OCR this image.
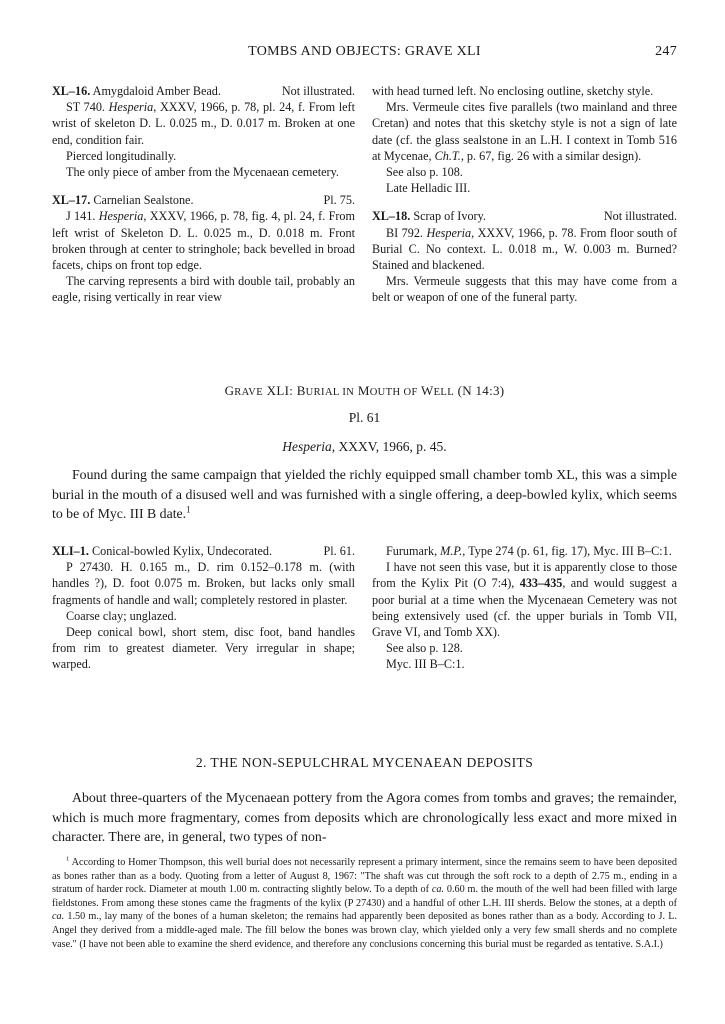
TOMBS AND OBJECTS: GRAVE XLI	247
XL–16. Amygdaloid Amber Bead.	Not illustrated.

ST 740. Hesperia, XXXV, 1966, p. 78, pl. 24, f. From left wrist of skeleton D. L. 0.025 m., D. 0.017 m. Broken at one end, condition fair.

Pierced longitudinally.

The only piece of amber from the Mycenaean cemetery.

XL–17. Carnelian Sealstone.	Pl. 75.

J 141. Hesperia, XXXV, 1966, p. 78, fig. 4, pl. 24, f. From left wrist of Skeleton D. L. 0.025 m., D. 0.018 m. Front broken through at center to stringhole; back bevelled in broad facets, chips on front top edge.

The carving represents a bird with double tail, probably an eagle, rising vertically in rear view

with head turned left. No enclosing outline, sketchy style.

Mrs. Vermeule cites five parallels (two mainland and three Cretan) and notes that this sketchy style is not a sign of late date (cf. the glass sealstone in an L.H. I context in Tomb 516 at Mycenae, Ch.T., p. 67, fig. 26 with a similar design).

See also p. 108.

Late Helladic III.

XL–18. Scrap of Ivory.	Not illustrated.

BI 792. Hesperia, XXXV, 1966, p. 78. From floor south of Burial C. No context. L. 0.018 m., W. 0.003 m. Burned? Stained and blackened.

Mrs. Vermeule suggests that this may have come from a belt or weapon of one of the funeral party.

GRAVE XLI: BURIAL IN MOUTH OF WELL (N 14:3)
Pl. 61
Hesperia, XXXV, 1966, p. 45.

Found during the same campaign that yielded the richly equipped small chamber tomb XL, this was a simple burial in the mouth of a disused well and was furnished with a single offering, a deep-bowled kylix, which seems to be of Myc. III B date.$^1$

XLI–1. Conical-bowled Kylix, Undecorated.	Pl. 61.

P 27430. H. 0.165 m., D. rim 0.152–0.178 m. (with handles ?), D. foot 0.075 m. Broken, but lacks only small fragments of handle and wall; completely restored in plaster.

Coarse clay; unglazed.

Deep conical bowl, short stem, disc foot, band handles from rim to greatest diameter. Very irregular in shape; warped.

Furumark, M.P., Type 274 (p. 61, fig. 17), Myc. III B–C:1.

I have not seen this vase, but it is apparently close to those from the Kylix Pit (O 7:4), 433–435, and would suggest a poor burial at a time when the Mycenaean Cemetery was not being extensively used (cf. the upper burials in Tomb VII, Grave VI, and Tomb XX).

See also p. 128.

Myc. III B–C:1.

2. THE NON-SEPULCHRAL MYCENAEAN DEPOSITS

About three-quarters of the Mycenaean pottery from the Agora comes from tombs and graves; the remainder, which is much more fragmentary, comes from deposits which are chronologically less exact and more mixed in character. There are, in general, two types of non-

$^1$ According to Homer Thompson, this well burial does not necessarily represent a primary interment, since the remains seem to have been deposited as bones rather than as a body. Quoting from a letter of August 8, 1967: "The shaft was cut through the soft rock to a depth of 2.75 m., ending in a stratum of harder rock. Diameter at mouth 1.00 m. contracting slightly below. To a depth of ca. 0.60 m. the mouth of the well had been filled with large fieldstones. From among these stones came the fragments of the kylix (P 27430) and a handful of other L.H. III sherds. Below the stones, at a depth of ca. 1.50 m., lay many of the bones of a human skeleton; the remains had apparently been deposited as bones rather than as a body. According to J. L. Angel they derived from a middle-aged male. The fill below the bones was brown clay, which yielded only a very few small sherds and no complete vase." (I have not been able to examine the sherd evidence, and therefore any conclusions concerning this burial must be regarded as tentative. S.A.I.)
